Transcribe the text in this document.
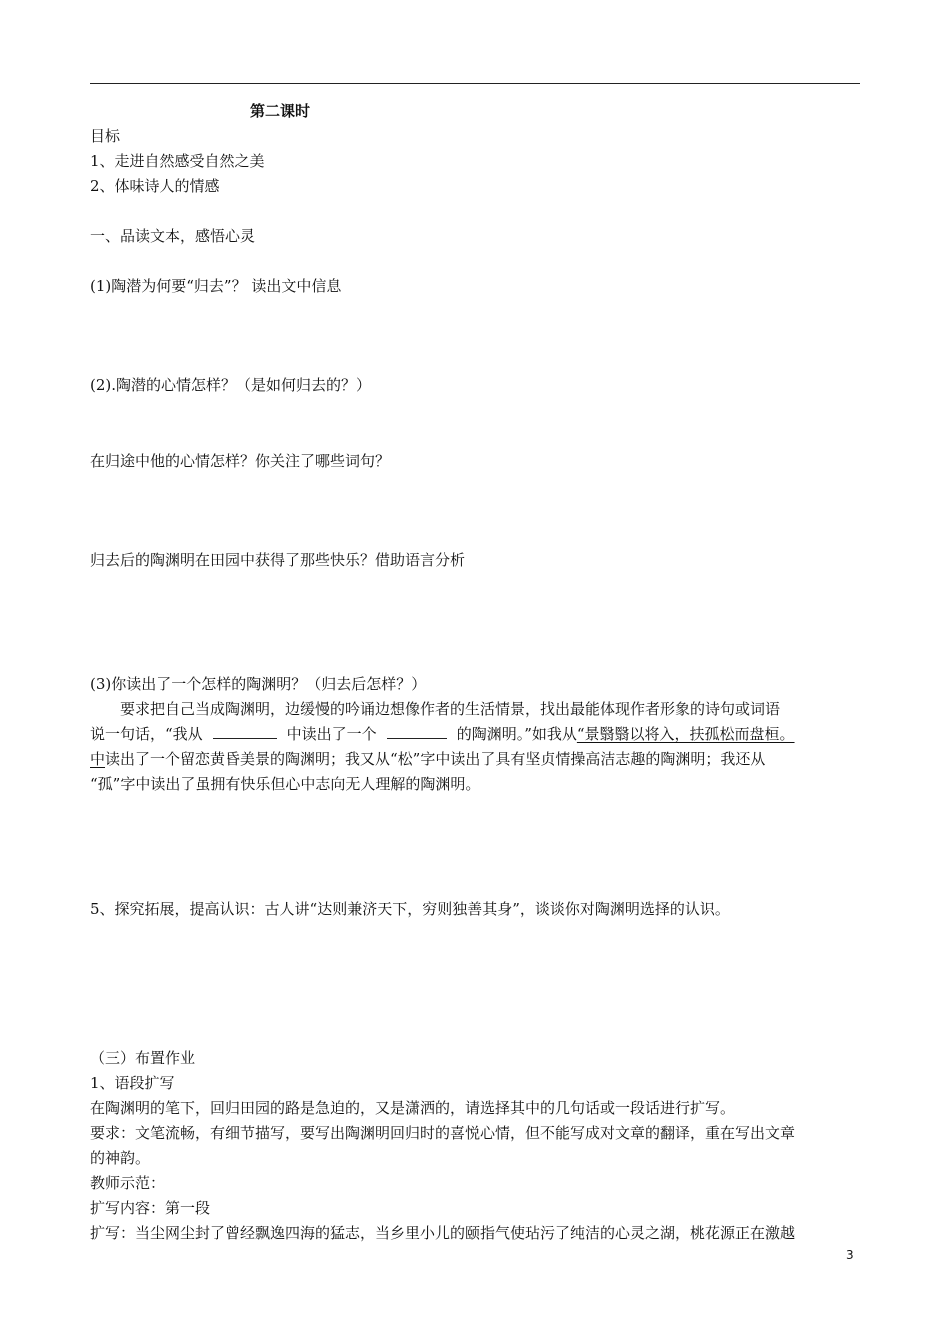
第二课时
目标
1、走进自然感受自然之美
2、体味诗人的情感
一、品读文本，感悟心灵
(1)陶潜为何要“归去”？ 读出文中信息
(2).陶潜的心情怎样？（是如何归去的？）
在归途中他的心情怎样？你关注了哪些词句？
归去后的陶渊明在田园中获得了那些快乐？借助语言分析
(3)你读出了一个怎样的陶渊明？（归去后怎样？）
要求把自己当成陶渊明，边缓慢的吟诵边想像作者的生活情景，找出最能体现作者形象的诗句或词语
说一句话，“我从	中读出了一个	的陶渊明。”如我从“景翳翳以将入，扶孤松而盘桓。
中读出了一个留恋黄昏美景的陶渊明；我又从“松”字中读出了具有坚贞情操高洁志趣的陶渊明；我还从
“孤”字中读出了虽拥有快乐但心中志向无人理解的陶渊明。
5、探究拓展，提高认识：古人讲“达则兼济天下，穷则独善其身”，谈谈你对陶渊明选择的认识。
（三）布置作业
1、语段扩写
在陶渊明的笔下，回归田园的路是急迫的，又是潇洒的，请选择其中的几句话或一段话进行扩写。
要求：文笔流畅，有细节描写，要写出陶渊明回归时的喜悦心情，但不能写成对文章的翻译，重在写出文章
的神韵。
教师示范：
扩写内容：第一段
扩写：当尘网尘封了曾经飘逸四海的猛志，当乡里小儿的颐指气使玷污了纯洁的心灵之湖，桃花源正在激越
3
